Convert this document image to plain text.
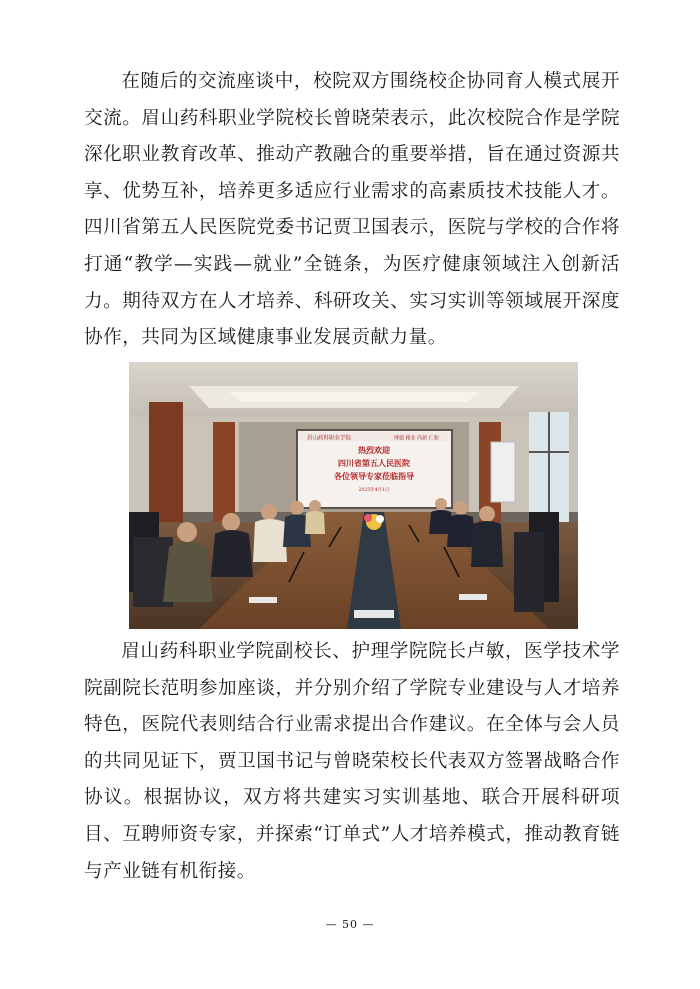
在随后的交流座谈中，校院双方围绕校企协同育人模式展开交流。眉山药科职业学院校长曾晓荣表示，此次校院合作是学院深化职业教育改革、推动产教融合的重要举措，旨在通过资源共享、优势互补，培养更多适应行业需求的高素质技术技能人才。四川省第五人民医院党委书记贾卫国表示，医院与学校的合作将打通“教学—实践—就业”全链条，为医疗健康领域注入创新活力。期待双方在人才培养、科研攻关、实习实训等领域展开深度协作，共同为区域健康事业发展贡献力量。

眉山药科职业学院	博德 精业 尚新 仁和
热烈欢迎
四川省第五人民医院
各位领导专家莅临指导
2025年4月1日

眉山药科职业学院副校长、护理学院院长卢敏，医学技术学院副院长范明参加座谈，并分别介绍了学院专业建设与人才培养特色，医院代表则结合行业需求提出合作建议。在全体与会人员的共同见证下，贾卫国书记与曾晓荣校长代表双方签署战略合作协议。根据协议，双方将共建实习实训基地、联合开展科研项目、互聘师资专家，并探索“订单式”人才培养模式，推动教育链与产业链有机衔接。

— 50 —
